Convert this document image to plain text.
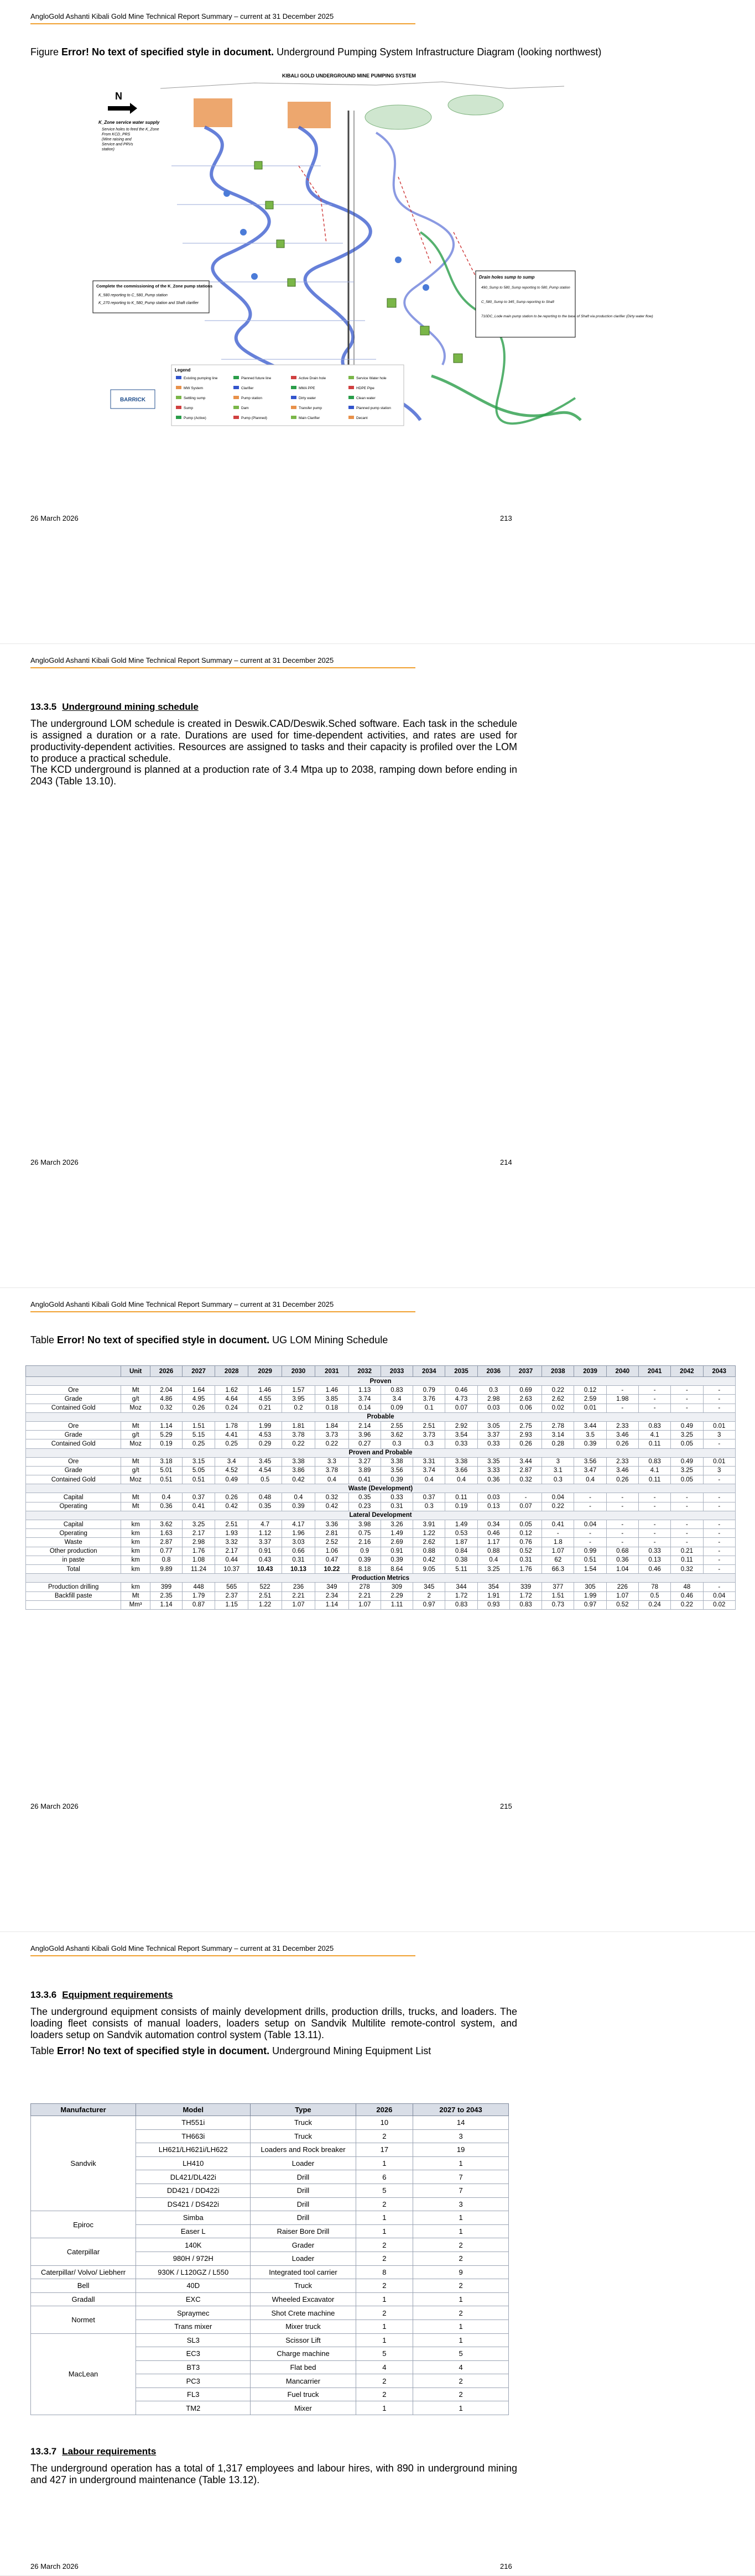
AngloGold Ashanti Kibali Gold Mine Technical Report Summary – current at 31 December 2025
Figure Error! No text of specified style in document. Underground Pumping System Infrastructure Diagram (looking northwest)
KIBALI GOLD UNDERGROUND MINE PUMPING SYSTEM
N
K_Zone service water supply
Service holes to feed the K_Zone
From KCD_PRS
(Mine raising and
Service and PRVs
station)
Complete the commissioning of the K_Zone pump stations
K_580 reporting to C_580_Pump station
K_270 reporting to K_580_Pump station and Shaft clarifier
Drain holes sump to sump
490_Sump to 580_Sump reporting to 580_Pump station
C_580_Sump to 345_Sump reporting to Shaft
710DC_Lode main pump station to be reporting to the base of Shaft via production clarifier (Dirty water flow)
Legend
Existing pumping line	Planned future line	Active Drain hole	Service Water hole
MW System	Clarifier	MMA PPE	HDPE Pipe
Settling sump	Pump station	Dirty water	Clean water
Sump	Dam	Transfer pump	Planned pump station
Pump (Active)	Pump (Planned)	Main Clarifier	Decant
BARRICK
26 March 2026	213
AngloGold Ashanti Kibali Gold Mine Technical Report Summary – current at 31 December 2025
13.3.5 Underground mining schedule
The underground LOM schedule is created in Deswik.CAD/Deswik.Sched software. Each task in the schedule is assigned a duration or a rate. Durations are used for time-dependent activities, and rates are used for productivity-dependent activities. Resources are assigned to tasks and their capacity is profiled over the LOM to produce a practical schedule.
The KCD underground is planned at a production rate of 3.4 Mtpa up to 2038, ramping down before ending in 2043 (Table 13.10).
26 March 2026	214
AngloGold Ashanti Kibali Gold Mine Technical Report Summary – current at 31 December 2025
Table Error! No text of specified style in document. UG LOM Mining Schedule
26 March 2026	215
	Unit	2026	2027	2028	2029	2030	2031	2032	2033	2034	2035	2036	2037	2038	2039	2040	2041	2042	2043
Proven																			
Ore	Mt	2.04	1.64	1.62	1.46	1.57	1.46	1.13	0.83	0.79	0.46	0.3	0.69	0.22	0.12	-	-	-	-
Grade	g/t	4.86	4.95	4.64	4.55	3.95	3.85	3.74	3.4	3.76	4.73	2.98	2.63	2.62	2.59	1.98	-	-	-
Contained Gold	Moz	0.32	0.26	0.24	0.21	0.2	0.18	0.14	0.09	0.1	0.07	0.03	0.06	0.02	0.01	-	-	-	-
Probable																			
Ore	Mt	1.14	1.51	1.78	1.99	1.81	1.84	2.14	2.55	2.51	2.92	3.05	2.75	2.78	3.44	2.33	0.83	0.49	0.01
Grade	g/t	5.29	5.15	4.41	4.53	3.78	3.73	3.96	3.62	3.73	3.54	3.37	2.93	3.14	3.5	3.46	4.1	3.25	3
Contained Gold	Moz	0.19	0.25	0.25	0.29	0.22	0.22	0.27	0.3	0.3	0.33	0.33	0.26	0.28	0.39	0.26	0.11	0.05	-
Proven and Probable																			
Ore	Mt	3.18	3.15	3.4	3.45	3.38	3.3	3.27	3.38	3.31	3.38	3.35	3.44	3	3.56	2.33	0.83	0.49	0.01
Grade	g/t	5.01	5.05	4.52	4.54	3.86	3.78	3.89	3.56	3.74	3.66	3.33	2.87	3.1	3.47	3.46	4.1	3.25	3
Contained Gold	Moz	0.51	0.51	0.49	0.5	0.42	0.4	0.41	0.39	0.4	0.4	0.36	0.32	0.3	0.4	0.26	0.11	0.05	-
Waste (Development)																			
Capital	Mt	0.4	0.37	0.26	0.48	0.4	0.32	0.35	0.33	0.37	0.11	0.03	-	0.04	-	-	-	-	-
Operating	Mt	0.36	0.41	0.42	0.35	0.39	0.42	0.23	0.31	0.3	0.19	0.13	0.07	0.22	-	-	-	-	-
Lateral Development																			
Capital	km	3.62	3.25	2.51	4.7	4.17	3.36	3.98	3.26	3.91	1.49	0.34	0.05	0.41	0.04	-	-	-	-
Operating	km	1.63	2.17	1.93	1.12	1.96	2.81	0.75	1.49	1.22	0.53	0.46	0.12	-	-	-	-	-	-
Waste	km	2.87	2.98	3.32	3.37	3.03	2.52	2.16	2.69	2.62	1.87	1.17	0.76	1.8	-	-	-	-	-
Other production	km	0.77	1.76	2.17	0.91	0.66	1.06	0.9	0.91	0.88	0.84	0.88	0.52	1.07	0.99	0.68	0.33	0.21	-
in paste	km	0.8	1.08	0.44	0.43	0.31	0.47	0.39	0.39	0.42	0.38	0.4	0.31	62	0.51	0.36	0.13	0.11	-
Total	km	9.89	11.24	10.37	10.43	10.13	10.22	8.18	8.64	9.05	5.11	3.25	1.76	66.3	1.54	1.04	0.46	0.32	-
Production Metrics																			
Production drilling	km	399	448	565	522	236	349	278	309	345	344	354	339	377	305	226	78	48	-
Backfill paste	Mt	2.35	1.79	2.37	2.51	2.21	2.34	2.21	2.29	2	1.72	1.91	1.72	1.51	1.99	1.07	0.5	0.46	0.04
	Mm³	1.14	0.87	1.15	1.22	1.07	1.14	1.07	1.11	0.97	0.83	0.93	0.83	0.73	0.97	0.52	0.24	0.22	0.02
AngloGold Ashanti Kibali Gold Mine Technical Report Summary – current at 31 December 2025
13.3.6 Equipment requirements
The underground equipment consists of mainly development drills, production drills, trucks, and loaders. The loading fleet consists of manual loaders, loaders setup on Sandvik Multilite remote-control system, and loaders setup on Sandvik automation control system (Table 13.11).
Table Error! No text of specified style in document. Underground Mining Equipment List
13.3.7 Labour requirements
The underground operation has a total of 1,317 employees and labour hires, with 890 in underground mining and 427 in underground maintenance (Table 13.12).
26 March 2026	216
Manufacturer	Model	Type	2026	2027 to 2043
Sandvik	TH551i	Truck	10	14
	TH663i	Truck	2	3
	LH621/LH621i/LH622	Loaders and Rock breaker	17	19
	LH410	Loader	1	1
	DL421/DL422i	Drill	6	7
	DD421 / DD422i	Drill	5	7
	DS421 / DS422i	Drill	2	3
Epiroc	Simba	Drill	1	1
	Easer L	Raiser Bore Drill	1	1
Caterpillar	140K	Grader	2	2
	980H / 972H	Loader	2	2
Caterpillar/ Volvo/ Liebherr	930K / L120GZ / L550	Integrated tool carrier	8	9
Bell	40D	Truck	2	2
Gradall	EXC	Wheeled Excavator	1	1
Normet	Spraymec	Shot Crete machine	2	2
	Trans mixer	Mixer truck	1	1
MacLean	SL3	Scissor Lift	1	1
	EC3	Charge machine	5	5
	BT3	Flat bed	4	4
	PC3	Mancarrier	2	2
	FL3	Fuel truck	2	2
	TM2	Mixer	1	1
